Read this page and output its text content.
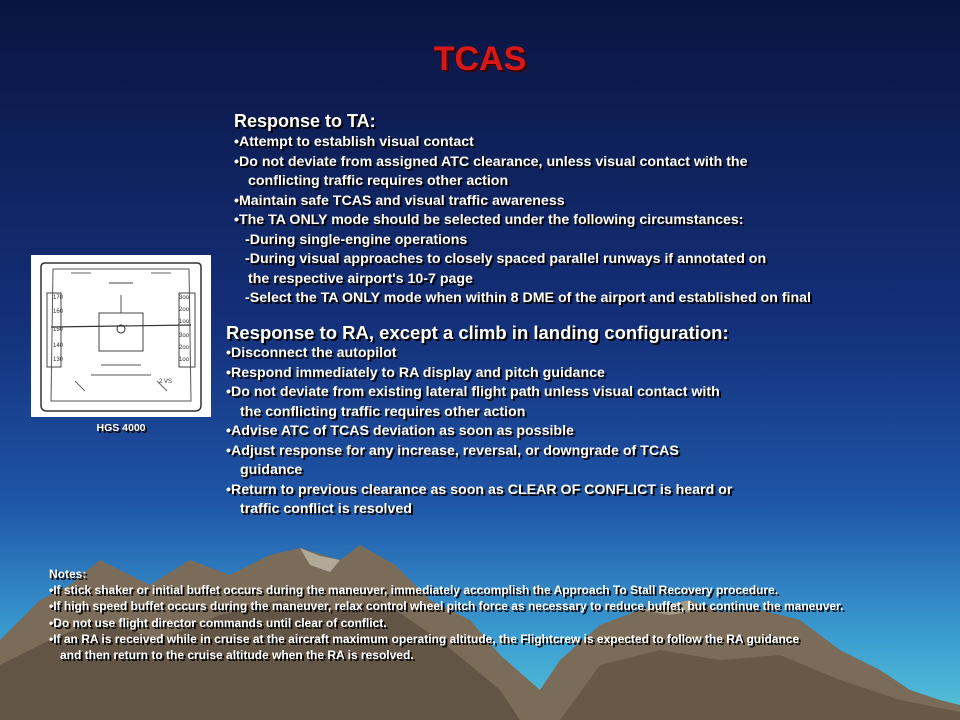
TCAS
Response to TA:
•Attempt to establish visual contact
•Do not deviate from assigned ATC clearance, unless visual contact with the
conflicting traffic requires other action
•Maintain safe TCAS and visual traffic awareness
•The TA ONLY mode should be selected under the following circumstances:
-During single-engine operations
-During visual approaches to closely spaced parallel runways if annotated on
the respective airport's 10-7 page
-Select the TA ONLY mode when within 8 DME of the airport and established on final
170
160
150
140
130
3oo
2oo
1oo
3oo
2oo
1oo
2 VS
HGS 4000
Response to RA, except a climb in landing configuration:
•Disconnect the autopilot
•Respond immediately to RA display and pitch guidance
•Do not deviate from existing lateral flight path unless visual contact with
the conflicting traffic requires other action
•Advise ATC of TCAS deviation as soon as possible
•Adjust response for any increase, reversal, or downgrade of TCAS
guidance
•Return to previous clearance as soon as CLEAR OF CONFLICT is heard or
traffic conflict is resolved
Notes:
•If stick shaker or initial buffet occurs during the maneuver, immediately accomplish the Approach To Stall Recovery procedure.
•If high speed buffet occurs during the maneuver, relax control wheel pitch force as necessary to reduce buffet, but continue the maneuver.
•Do not use flight director commands until clear of conflict.
•If an RA is received while in cruise at the aircraft maximum operating altitude, the Flightcrew is expected to follow the RA guidance
and then return to the cruise altitude when the RA is resolved.
